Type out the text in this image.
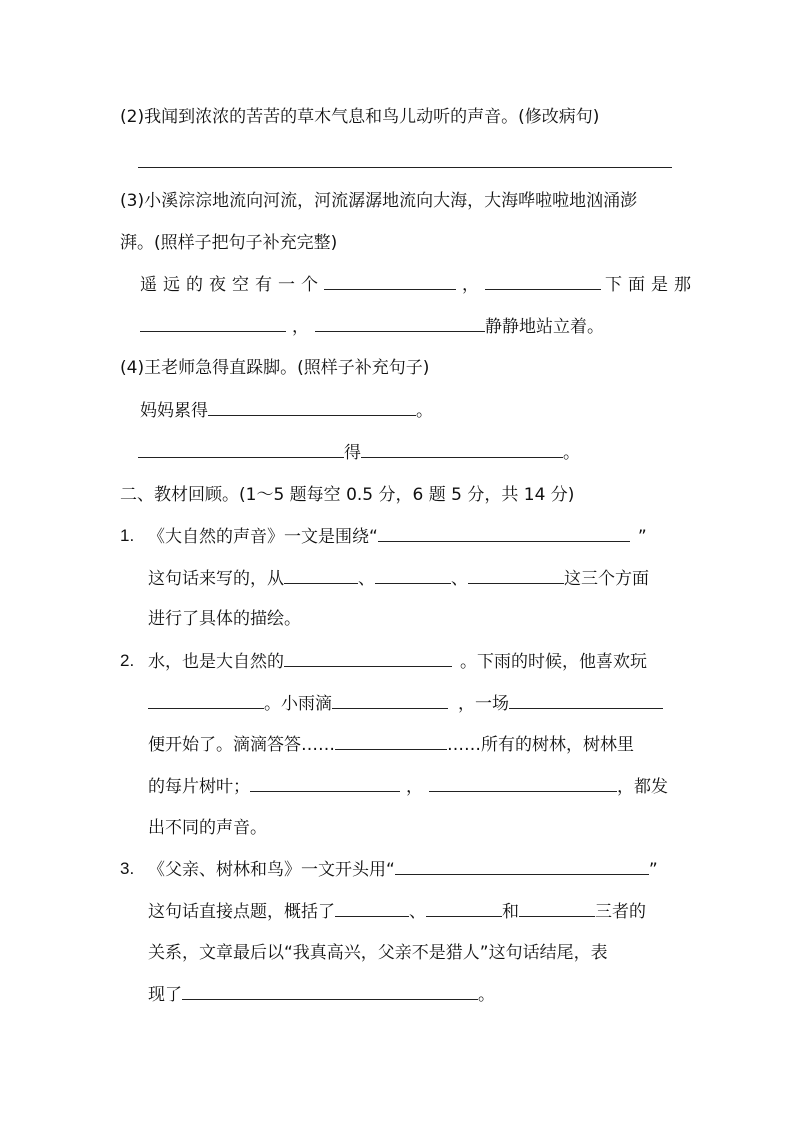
(2)我闻到浓浓的苦苦的草木气息和鸟儿动听的声音。(修改病句)
(3)小溪淙淙地流向河流，河流潺潺地流向大海，大海哗啦啦地汹涌澎
湃。(照样子把句子补充完整)
遥远的夜空有一个	，	下面是那
，	静静地站立着。
(4)王老师急得直跺脚。(照样子补充句子)
妈妈累得	。
得	。
二、教材回顾。(1～5 题每空 0.5 分，6 题 5 分，共 14 分)
1. 《大自然的声音》一文是围绕“	”
这句话来写的，从	、	、	这三个方面
进行了具体的描绘。
2. 水，也是大自然的	。下雨的时候，他喜欢玩
。小雨滴	，一场
便开始了。滴滴答答……	……所有的树林，树林里
的每片树叶；	，	，都发
出不同的声音。
3. 《父亲、树林和鸟》一文开头用“	”
这句话直接点题，概括了	、	和	三者的
关系，文章最后以“我真高兴，父亲不是猎人”这句话结尾，表
现了	。
